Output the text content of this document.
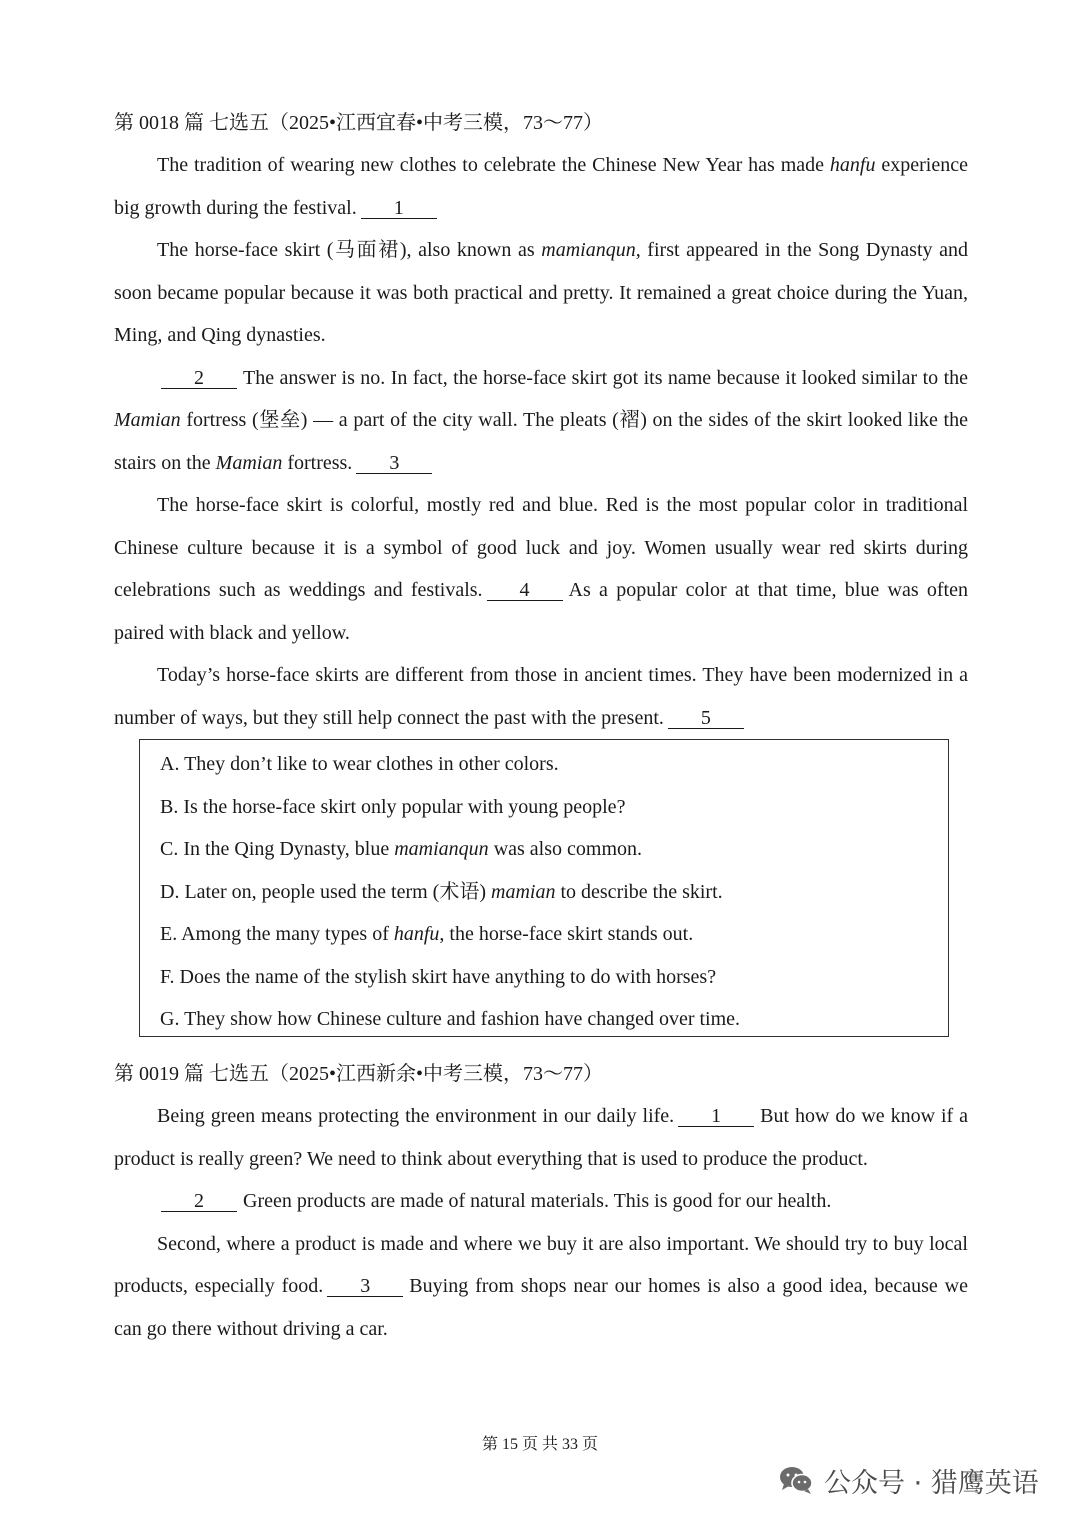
第 0018 篇 七选五（2025•江西宜春•中考三模，73～77）

The tradition of wearing new clothes to celebrate the Chinese New Year has made hanfu experience big growth during the festival. 1

The horse-face skirt (马面裙), also known as mamianqun, first appeared in the Song Dynasty and soon became popular because it was both practical and pretty. It remained a great choice during the Yuan, Ming, and Qing dynasties.

2 The answer is no. In fact, the horse-face skirt got its name because it looked similar to the Mamian fortress (堡垒) — a part of the city wall. The pleats (褶) on the sides of the skirt looked like the stairs on the Mamian fortress. 3

The horse-face skirt is colorful, mostly red and blue. Red is the most popular color in traditional Chinese culture because it is a symbol of good luck and joy. Women usually wear red skirts during celebrations such as weddings and festivals. 4 As a popular color at that time, blue was often paired with black and yellow.

Today’s horse-face skirts are different from those in ancient times. They have been modernized in a number of ways, but they still help connect the past with the present. 5

A. They don’t like to wear clothes in other colors.
B. Is the horse-face skirt only popular with young people?
C. In the Qing Dynasty, blue mamianqun was also common.
D. Later on, people used the term (术语) mamian to describe the skirt.
E. Among the many types of hanfu, the horse-face skirt stands out.
F. Does the name of the stylish skirt have anything to do with horses?
G. They show how Chinese culture and fashion have changed over time.
第 0019 篇 七选五（2025•江西新余•中考三模，73～77）

Being green means protecting the environment in our daily life. 1 But how do we know if a product is really green? We need to think about everything that is used to produce the product.

2 Green products are made of natural materials. This is good for our health.

Second, where a product is made and where we buy it are also important. We should try to buy local products, especially food. 3 Buying from shops near our homes is also a good idea, because we can go there without driving a car.

第 15 页 共 33 页
公众号 · 猎鹰英语
